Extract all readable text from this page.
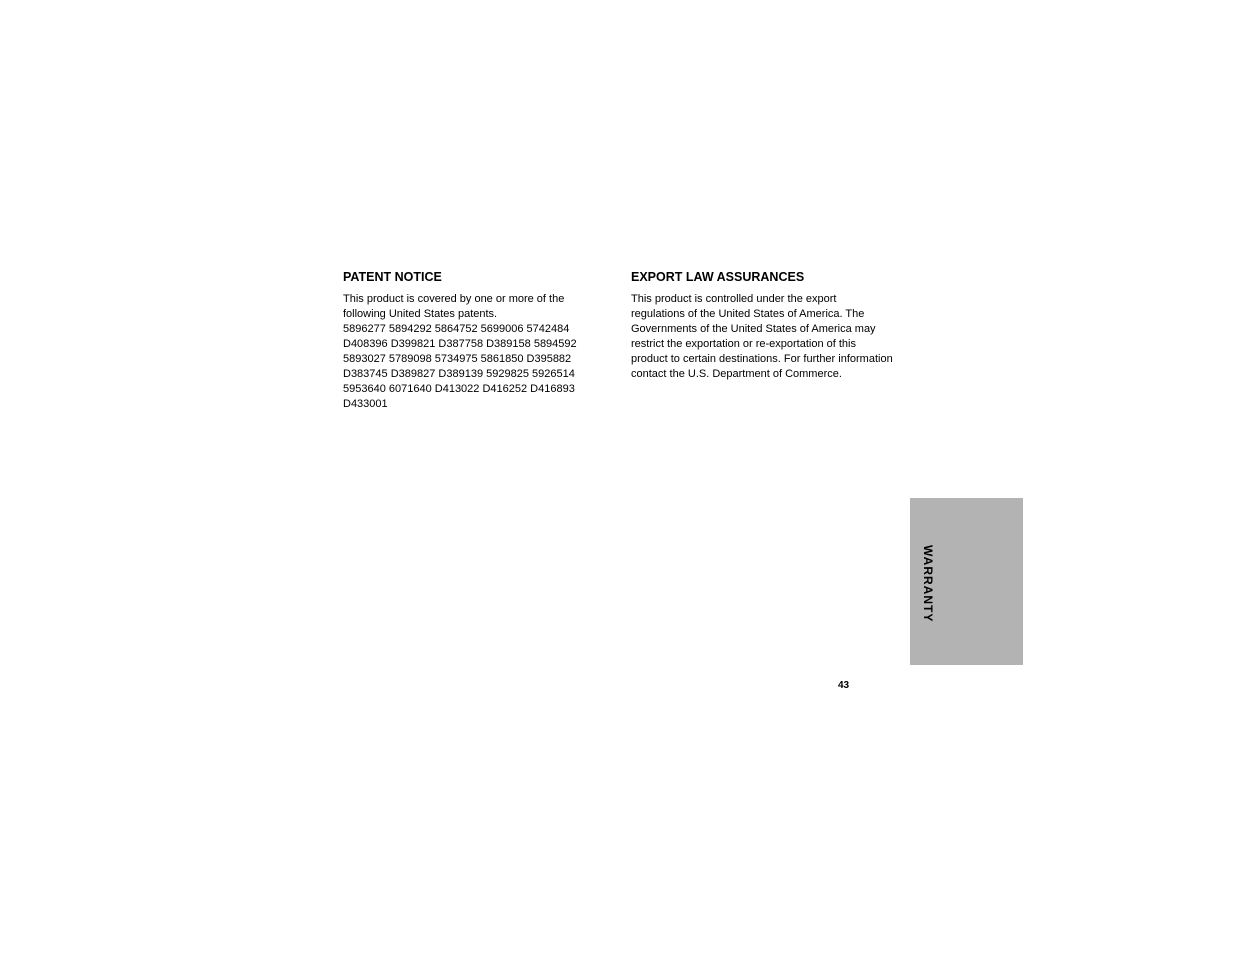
PATENT NOTICE

This product is covered by one or more of the following United States patents.

5896277 5894292 5864752 5699006 5742484
D408396 D399821 D387758 D389158 5894592
5893027 5789098 5734975 5861850 D395882
D383745 D389827 D389139 5929825 5926514
5953640 6071640 D413022 D416252 D416893
D433001

EXPORT LAW ASSURANCES

This product is controlled under the export regulations of the United States of America. The Governments of the United States of America may restrict the exportation or re-exportation of this product to certain destinations. For further information contact the U.S. Department of Commerce.

WARRANTY
43
